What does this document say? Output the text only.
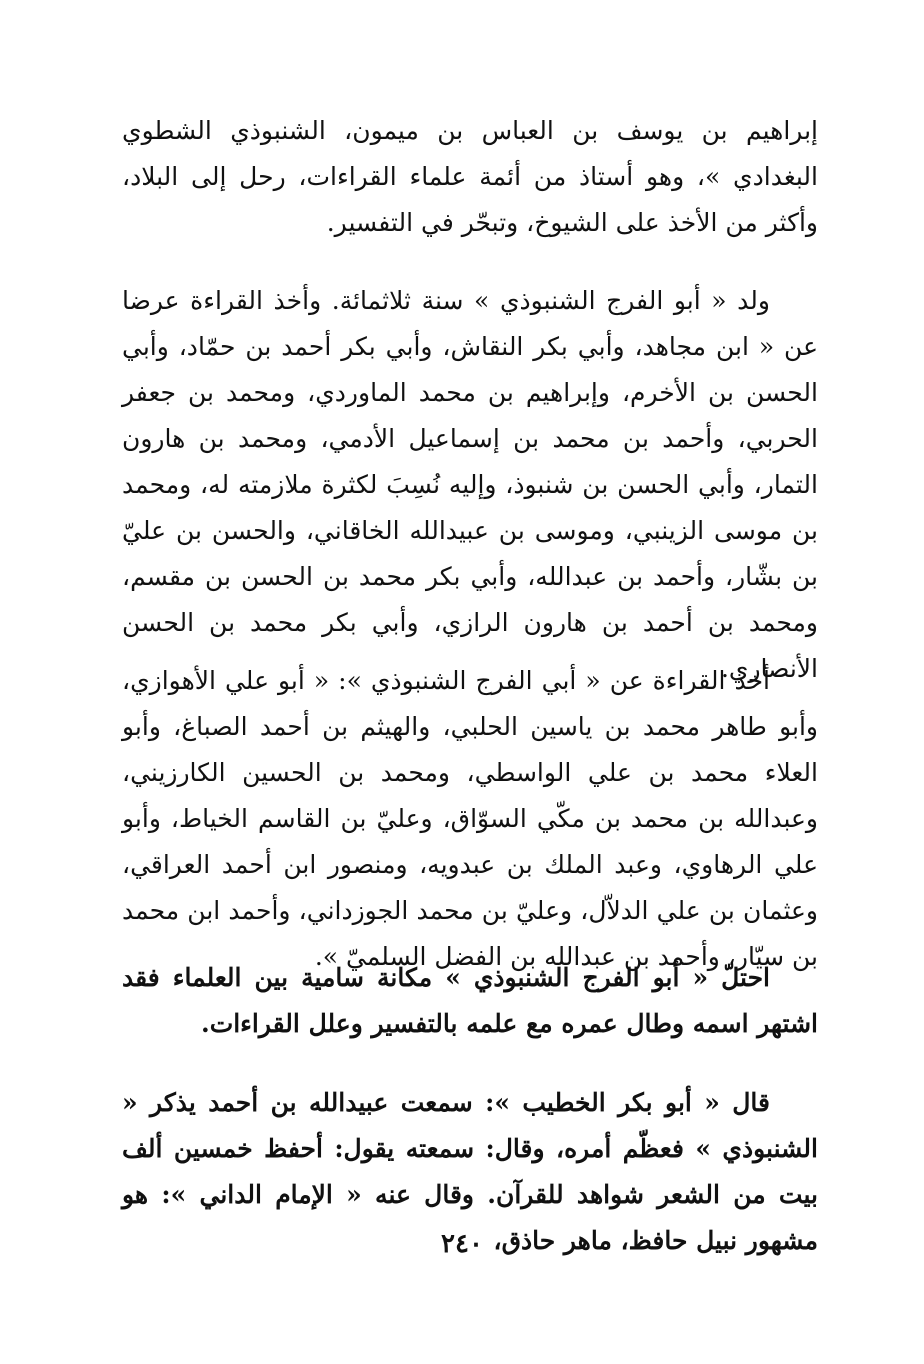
إبراهيم بن يوسف بن العباس بن ميمون، الشنبوذي الشطوي البغدادي »، وهو أستاذ من أئمة علماء القراءات، رحل إلى البلاد، وأكثر من الأخذ على الشيوخ، وتبحّر في التفسير.

ولد « أبو الفرج الشنبوذي » سنة ثلاثمائة. وأخذ القراءة عرضا عن « ابن مجاهد، وأبي بكر النقاش، وأبي بكر أحمد بن حمّاد، وأبي الحسن بن الأخرم، وإبراهيم بن محمد الماوردي، ومحمد بن جعفر الحربي، وأحمد بن محمد بن إسماعيل الأدمي، ومحمد بن هارون التمار، وأبي الحسن بن شنبوذ، وإليه نُسِبَ لكثرة ملازمته له، ومحمد بن موسى الزينبي، وموسى بن عبيدالله الخاقاني، والحسن بن عليّ بن بشّار، وأحمد بن عبدالله، وأبي بكر محمد بن الحسن بن مقسم، ومحمد بن أحمد بن هارون الرازي، وأبي بكر محمد بن الحسن الأنصاري.

أخذ القراءة عن « أبي الفرج الشنبوذي »: « أبو علي الأهوازي، وأبو طاهر محمد بن ياسين الحلبي، والهيثم بن أحمد الصباغ، وأبو العلاء محمد بن علي الواسطي، ومحمد بن الحسين الكارزيني، وعبدالله بن محمد بن مكّي السوّاق، وعليّ بن القاسم الخياط، وأبو علي الرهاوي، وعبد الملك بن عبدويه، ومنصور ابن أحمد العراقي، وعثمان بن علي الدلاّل، وعليّ بن محمد الجوزداني، وأحمد ابن محمد بن سيّار، وأحمد بن عبدالله بن الفضل السلميّ ».

احتلّ « أبو الفرج الشنبوذي » مكانة سامية بين العلماء فقد اشتهر اسمه وطال عمره مع علمه بالتفسير وعلل القراءات.

قال « أبو بكر الخطيب »: سمعت عبيدالله بن أحمد يذكر « الشنبوذي » فعظّم أمره، وقال: سمعته يقول: أحفظ خمسين ألف بيت من الشعر شواهد للقرآن. وقال عنه « الإمام الداني »: هو مشهور نبيل حافظ، ماهر حاذق،

٢٤٠
